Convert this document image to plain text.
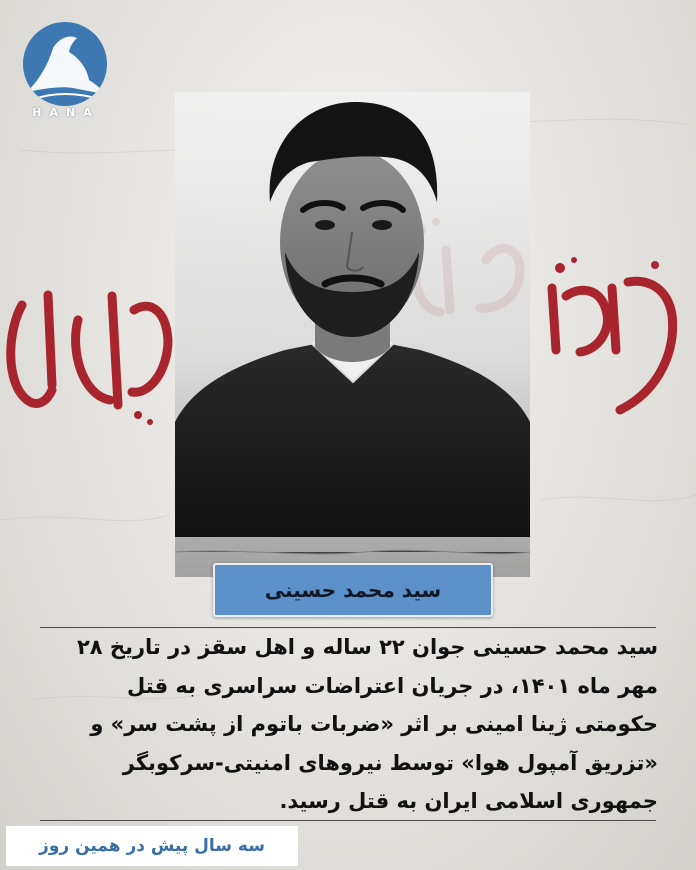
HANA
سید محمد حسینی
سید محمد حسینی جوان ۲۲ ساله و اهل سقز در تاریخ ۲۸ مهر ماه ۱۴۰۱، در جریان اعتراضات سراسری به قتل حکومتی ژینا امینی بر اثر «ضربات باتوم از پشت سر» و «تزریق آمپول هوا» توسط نیروهای امنیتی-سرکوبگر جمهوری اسلامی ایران به قتل رسید.
سه سال پیش در همین روز
